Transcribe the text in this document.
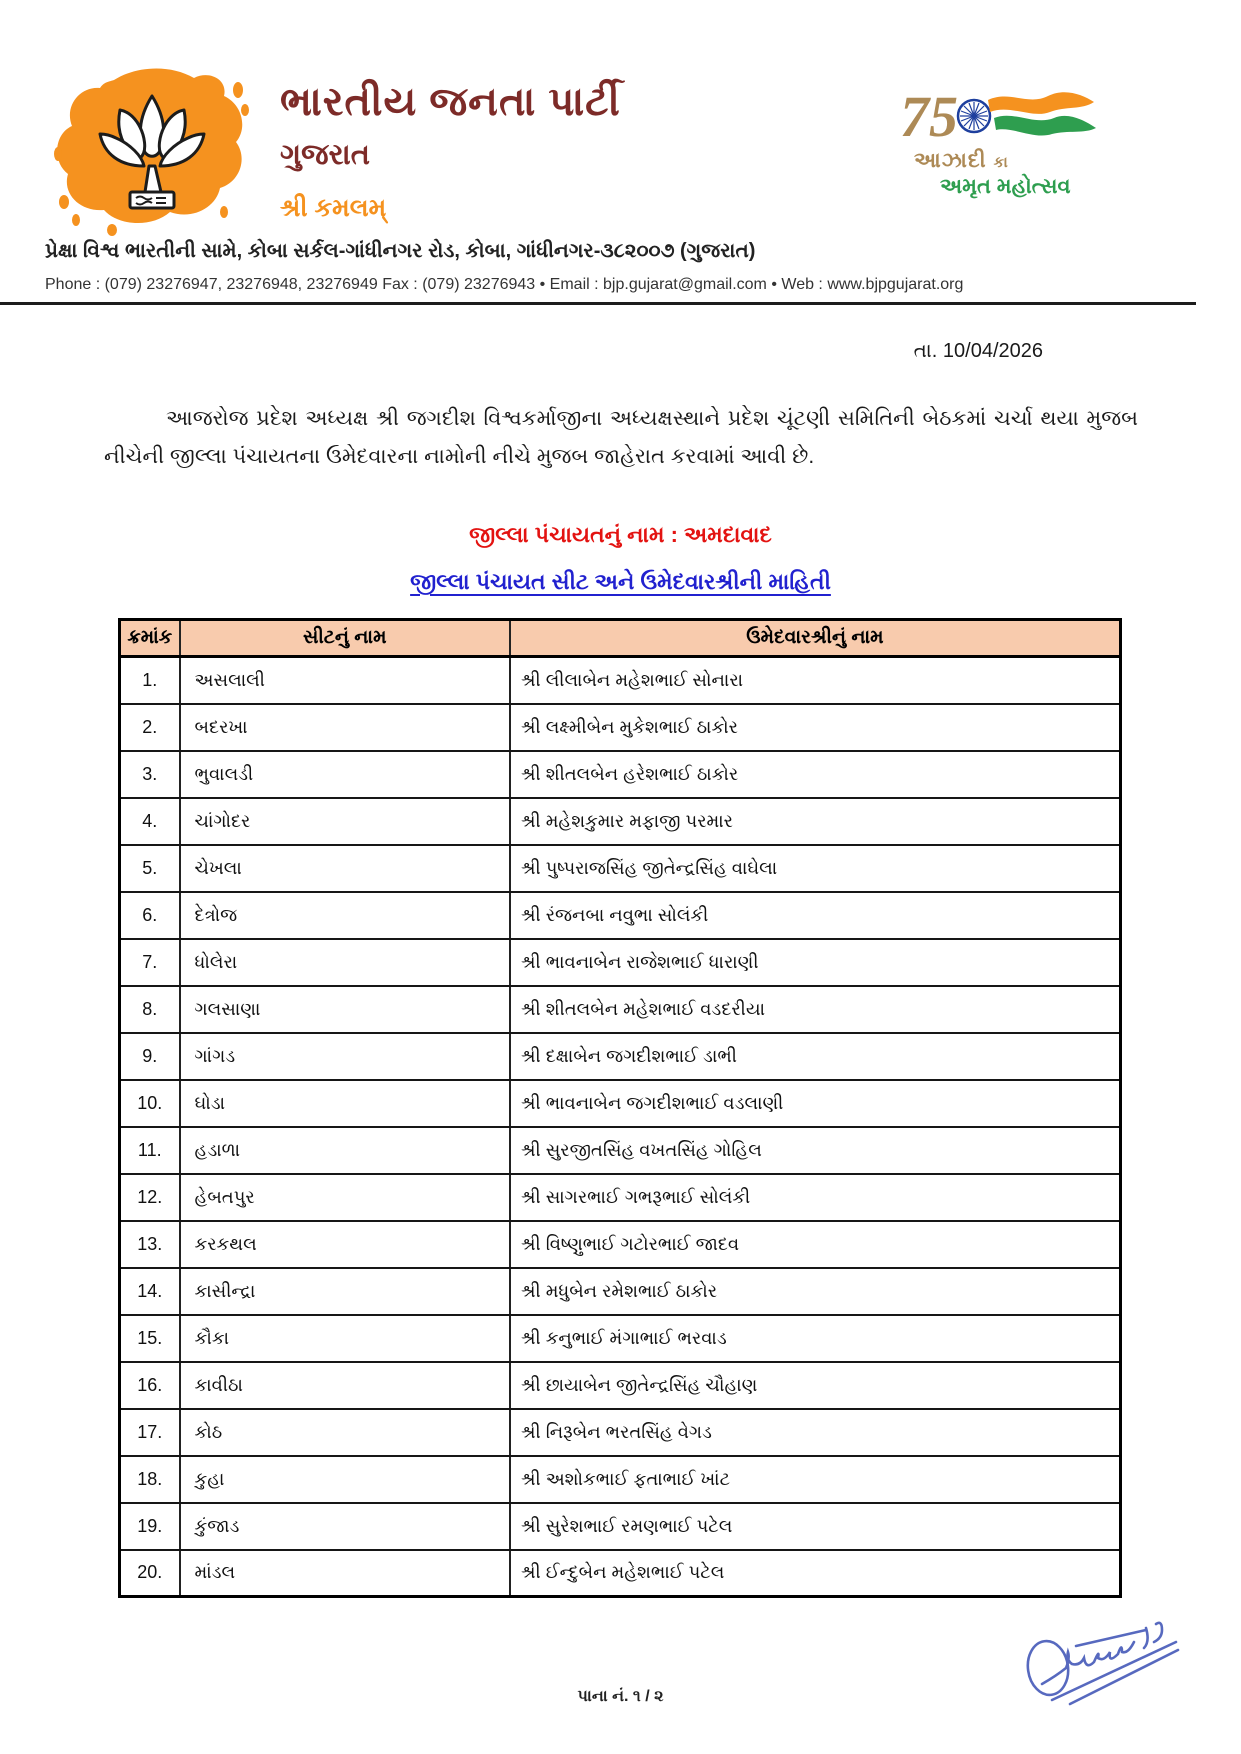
ભારતીય જનતા પાર્ટી
ગુજરાત
શ્રી કમલમ્
75
આઝાદી કા
અમૃત મહોત્સવ
પ્રેક્ષા વિશ્વ ભારતીની સામે, કોબા સર્કલ-ગાંધીનગર રોડ, કોબા, ગાંધીનગર-૩૮૨૦૦૭ (ગુજરાત)
Phone : (079) 23276947, 23276948, 23276949 Fax : (079) 23276943 • Email : bjp.gujarat@gmail.com • Web : www.bjpgujarat.org
તા. 10/04/2026

આજરોજ પ્રદેશ અધ્યક્ષ શ્રી જગદીશ વિશ્વકર્માજીના અધ્યક્ષસ્થાને પ્રદેશ ચૂંટણી સમિતિની બેઠકમાં ચર્ચા થયા મુજબ નીચેની જીલ્લા પંચાયતના ઉમેદવારના નામોની નીચે મુજબ જાહેરાત કરવામાં આવી છે.

જીલ્લા પંચાયતનું નામ : અમદાવાદ
જીલ્લા પંચાયત સીટ અને ઉમેદવારશ્રીની માહિતી
ક્રમાંક	સીટનું નામ	ઉમેદવારશ્રીનું નામ
1.	અસલાલી	શ્રી લીલાબેન મહેશભાઈ સોનારા
2.	બદરખા	શ્રી લક્ષ્મીબેન મુકેશભાઈ ઠાકોર
3.	ભુવાલડી	શ્રી શીતલબેન હરેશભાઈ ઠાકોર
4.	ચાંગોદર	શ્રી મહેશકુમાર મફાજી પરમાર
5.	ચેખલા	શ્રી પુષ્પરાજસિંહ જીતેન્દ્રસિંહ વાઘેલા
6.	દેત્રોજ	શ્રી રંજનબા નવુભા સોલંકી
7.	ધોલેરા	શ્રી ભાવનાબેન રાજેશભાઈ ધારાણી
8.	ગલસાણા	શ્રી શીતલબેન મહેશભાઈ વડદરીયા
9.	ગાંગડ	શ્રી દક્ષાબેન જગદીશભાઈ ડાભી
10.	ઘોડા	શ્રી ભાવનાબેન જગદીશભાઈ વડલાણી
11.	હડાળા	શ્રી સુરજીતસિંહ વખતસિંહ ગોહિલ
12.	હેબતપુર	શ્રી સાગરભાઈ ગભરૂભાઈ સોલંકી
13.	કરકથલ	શ્રી વિષ્ણુભાઈ ગટોરભાઈ જાદવ
14.	કાસીન્દ્રા	શ્રી મધુબેન રમેશભાઈ ઠાકોર
15.	કૌકા	શ્રી કનુભાઈ મંગાભાઈ ભરવાડ
16.	કાવીઠા	શ્રી છાયાબેન જીતેન્દ્રસિંહ ચૌહાણ
17.	કોઠ	શ્રી નિરૂબેન ભરતસિંહ વેગડ
18.	કુહા	શ્રી અશોકભાઈ ફતાભાઈ ખાંટ
19.	કુંજાડ	શ્રી સુરેશભાઈ રમણભાઈ પટેલ
20.	માંડલ	શ્રી ઈન્દુબેન મહેશભાઈ પટેલ
પાના નં. ૧ / ૨
